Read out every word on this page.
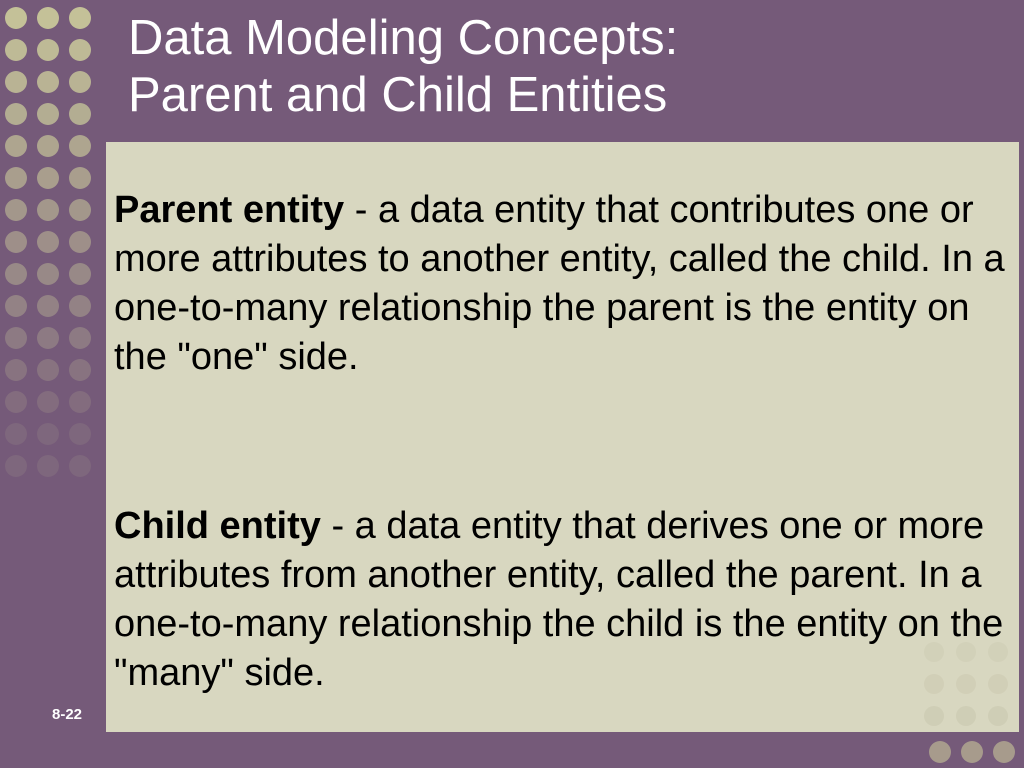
Data Modeling Concepts:
Parent and Child Entities

Parent entity - a data entity that contributes one or more attributes to another entity, called the child. In a one-to-many relationship the parent is the entity on the "one" side.

Child entity - a data entity that derives one or more attributes from another entity, called the parent. In a one-to-many relationship the child is the entity on the "many" side.

8-22
